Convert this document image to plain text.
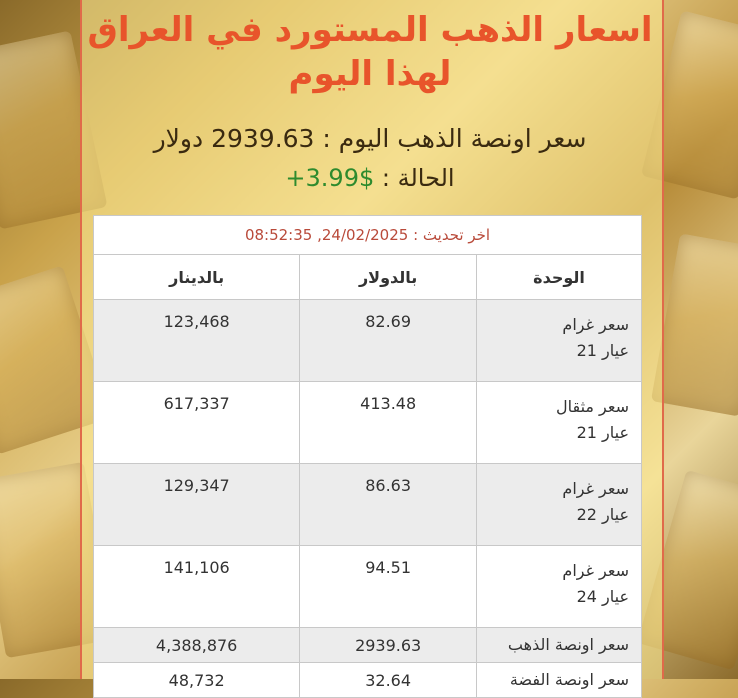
اسعار الذهب المستورد في العراق لهذا اليوم
سعر اونصة الذهب اليوم : 2939.63 دولار
الحالة : +3.99$
اخر تحديث : 24/02/2025, 08:52:35		
الوحدة	بالدولار	بالدينار

سعر غرام
عيار 21	82.69	123,468

سعر مثقال
عيار 21	413.48	617,337

سعر غرام
عيار 22	86.63	129,347

سعر غرام
عيار 24	94.51	141,106
سعر اونصة الذهب	2939.63	4,388,876
سعر اونصة الفضة	32.64	48,732
